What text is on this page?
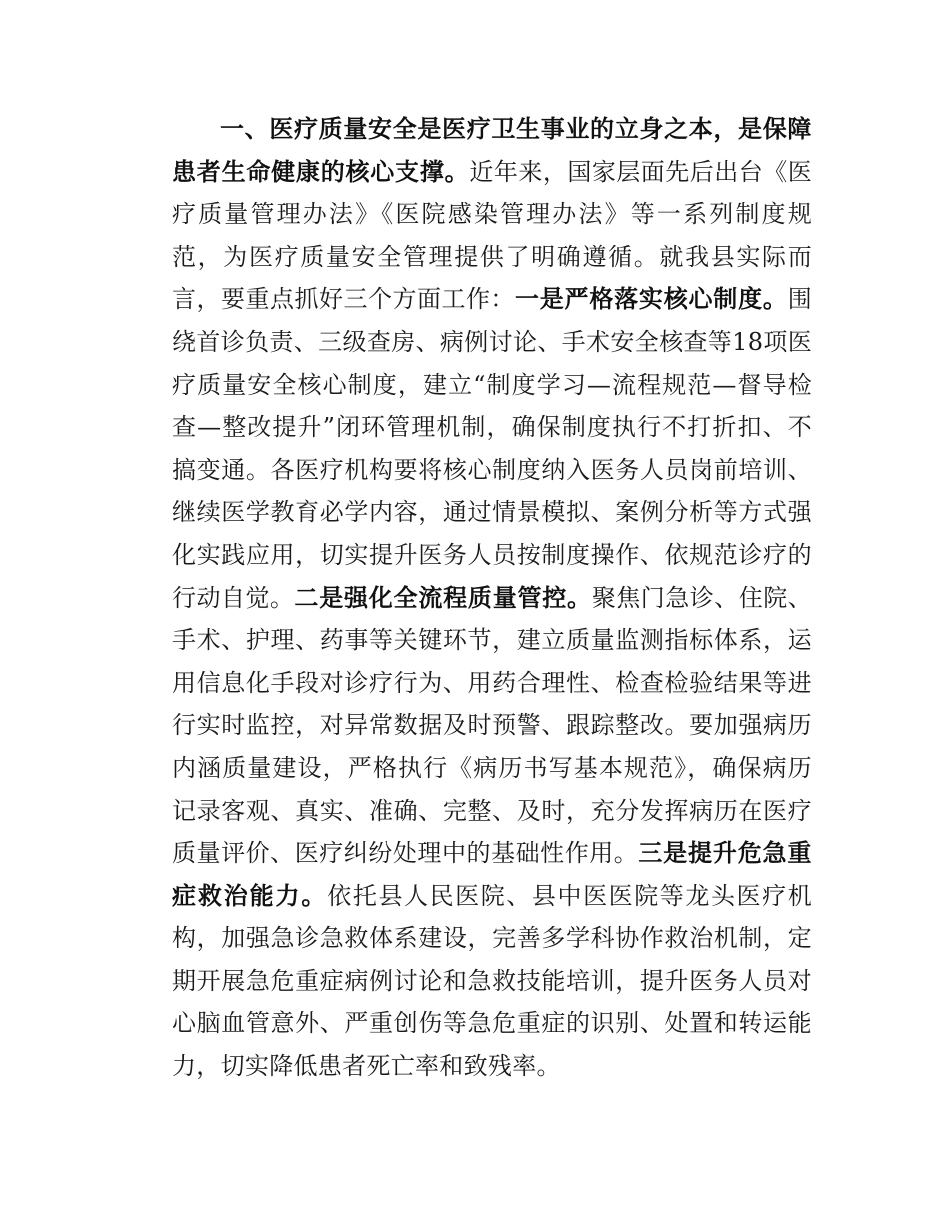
一、医疗质量安全是医疗卫生事业的立身之本，是保障患者生命健康的核心支撑。近年来，国家层面先后出台《医疗质量管理办法》《医院感染管理办法》等一系列制度规范，为医疗质量安全管理提供了明确遵循。就我县实际而言，要重点抓好三个方面工作：一是严格落实核心制度。围绕首诊负责、三级查房、病例讨论、手术安全核查等18项医疗质量安全核心制度，建立“制度学习—流程规范—督导检查—整改提升”闭环管理机制，确保制度执行不打折扣、不搞变通。各医疗机构要将核心制度纳入医务人员岗前培训、继续医学教育必学内容，通过情景模拟、案例分析等方式强化实践应用，切实提升医务人员按制度操作、依规范诊疗的行动自觉。二是强化全流程质量管控。聚焦门急诊、住院、手术、护理、药事等关键环节，建立质量监测指标体系，运用信息化手段对诊疗行为、用药合理性、检查检验结果等进行实时监控，对异常数据及时预警、跟踪整改。要加强病历内涵质量建设，严格执行《病历书写基本规范》，确保病历记录客观、真实、准确、完整、及时，充分发挥病历在医疗质量评价、医疗纠纷处理中的基础性作用。三是提升危急重症救治能力。依托县人民医院、县中医医院等龙头医疗机构，加强急诊急救体系建设，完善多学科协作救治机制，定期开展急危重症病例讨论和急救技能培训，提升医务人员对心脑血管意外、严重创伤等急危重症的识别、处置和转运能力，切实降低患者死亡率和致残率。
